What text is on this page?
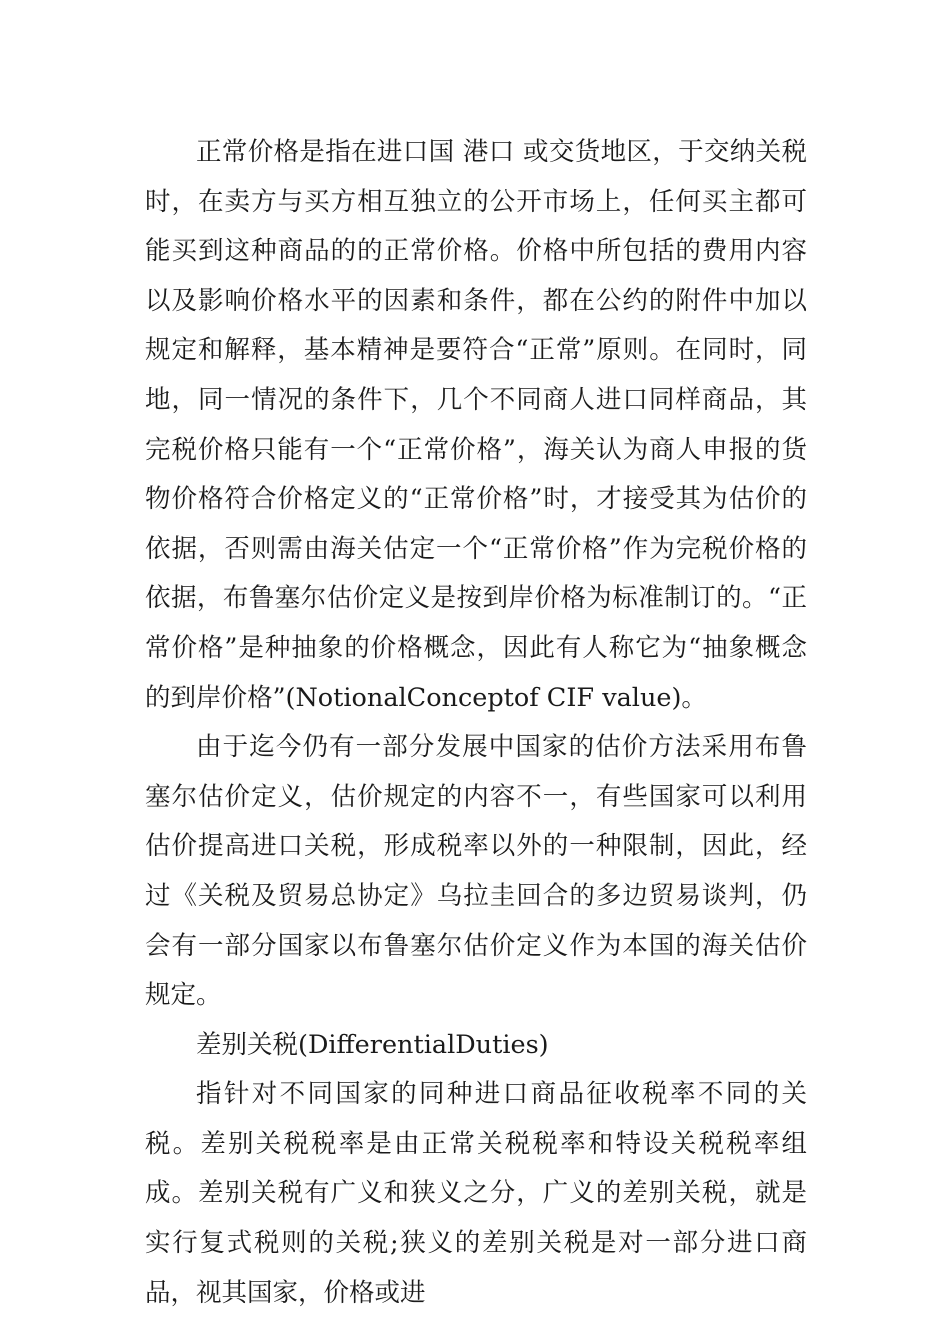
正常价格是指在进口国 港口 或交货地区，于交纳关税时，在卖方与买方相互独立的公开市场上，任何买主都可能买到这种商品的的正常价格。价格中所包括的费用内容以及影响价格水平的因素和条件，都在公约的附件中加以规定和解释，基本精神是要符合“正常”原则。在同时，同地，同一情况的条件下，几个不同商人进口同样商品，其完税价格只能有一个“正常价格”，海关认为商人申报的货物价格符合价格定义的“正常价格”时，才接受其为估价的依据，否则需由海关估定一个“正常价格”作为完税价格的依据，布鲁塞尔估价定义是按到岸价格为标准制订的。“正常价格”是种抽象的价格概念，因此有人称它为“抽象概念的到岸价格”(NotionalConceptof CIF value)。

由于迄今仍有一部分发展中国家的估价方法采用布鲁塞尔估价定义，估价规定的内容不一，有些国家可以利用估价提高进口关税，形成税率以外的一种限制，因此，经过《关税及贸易总协定》乌拉圭回合的多边贸易谈判，仍会有一部分国家以布鲁塞尔估价定义作为本国的海关估价规定。

差别关税(DifferentialDuties)

指针对不同国家的同种进口商品征收税率不同的关税。差别关税税率是由正常关税税率和特设关税税率组成。差别关税有广义和狭义之分，广义的差别关税，就是实行复式税则的关税;狭义的差别关税是对一部分进口商品，视其国家，价格或进
